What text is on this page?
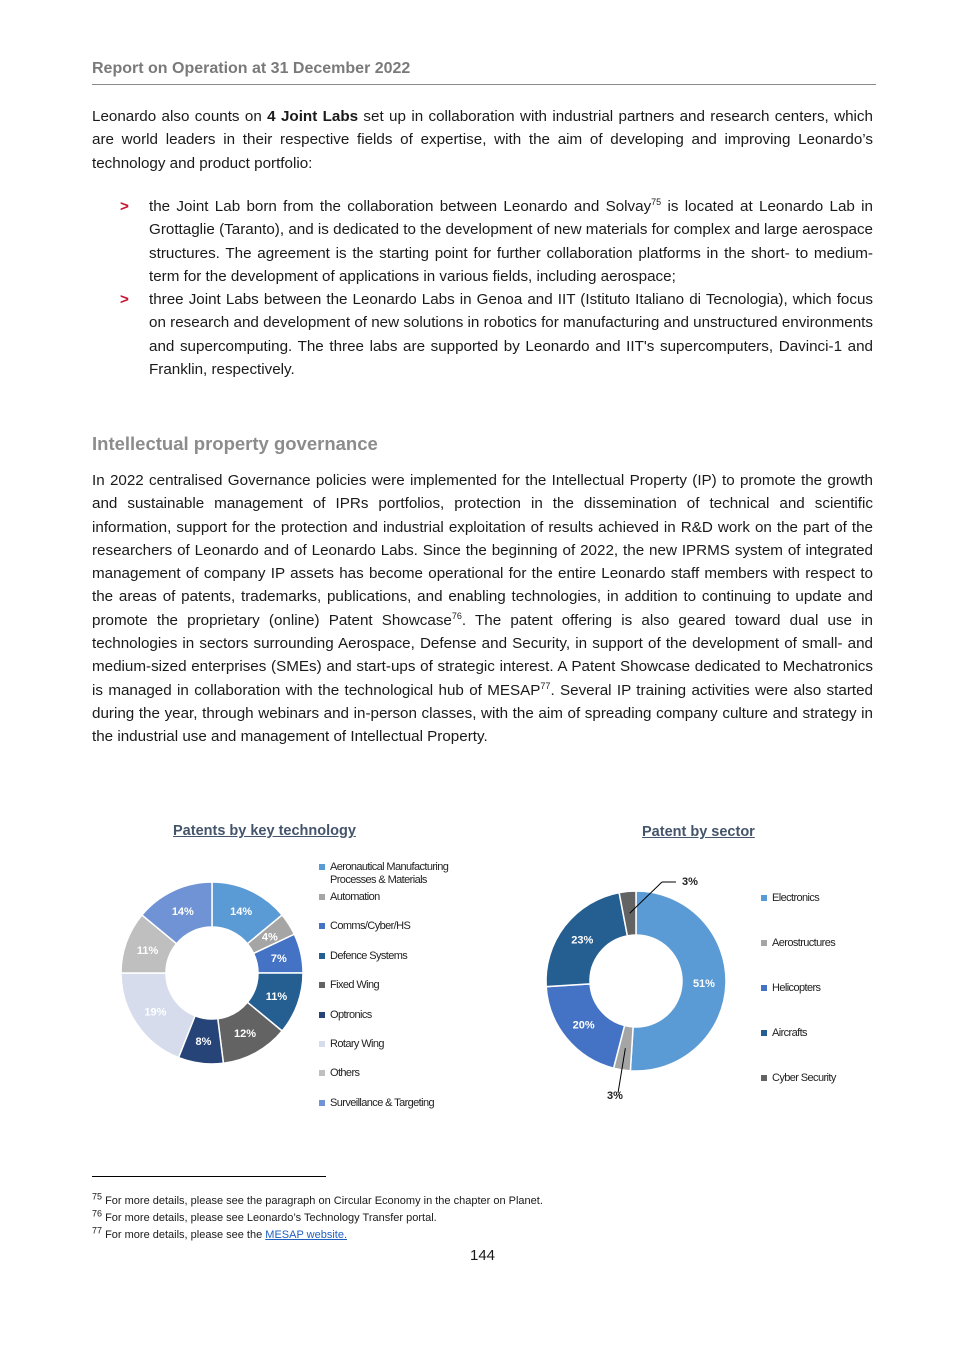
Report on Operation at 31 December 2022

Leonardo also counts on 4 Joint Labs set up in collaboration with industrial partners and research centers, which are world leaders in their respective fields of expertise, with the aim of developing and improving Leonardo’s technology and product portfolio:

> the Joint Lab born from the collaboration between Leonardo and Solvay$^{75}$ is located at Leonardo Lab in Grottaglie (Taranto), and is dedicated to the development of new materials for complex and large aerospace structures. The agreement is the starting point for further collaboration platforms in the short- to medium-term for the development of applications in various fields, including aerospace;
> three Joint Labs between the Leonardo Labs in Genoa and IIT (Istituto Italiano di Tecnologia), which focus on research and development of new solutions in robotics for manufacturing and unstructured environments and supercomputing. The three labs are supported by Leonardo and IIT's supercomputers, Davinci-1 and Franklin, respectively.
Intellectual property governance

In 2022 centralised Governance policies were implemented for the Intellectual Property (IP) to promote the growth and sustainable management of IPRs portfolios, protection in the dissemination of technical and scientific information, support for the protection and industrial exploitation of results achieved in R&D work on the part of the researchers of Leonardo and of Leonardo Labs. Since the beginning of 2022, the new IPRMS system of integrated management of company IP assets has become operational for the entire Leonardo staff members with respect to the areas of patents, trademarks, publications, and enabling technologies, in addition to continuing to update and promote the proprietary (online) Patent Showcase$^{76}$. The patent offering is also geared toward dual use in technologies in sectors surrounding Aerospace, Defense and Security, in support of the development of small- and medium-sized enterprises (SMEs) and start-ups of strategic interest. A Patent Showcase dedicated to Mechatronics is managed in collaboration with the technological hub of MESAP$^{77}$. Several IP training activities were also started during the year, through webinars and in-person classes, with the aim of spreading company culture and strategy in the industrial use and management of Intellectual Property.

Patents by key technology	Patent by sector
14%
4%
7%
11%
12%
8%
19%
11%
14%
Aeronautical Manufacturing Processes & Materials
Automation
Comms/Cyber/HS
Defence Systems
Fixed Wing
Optronics
Rotary Wing
Others
Surveillance & Targeting
51%
3%
20%
23%
3%
Electronics
Aerostructures
Helicopters
Aircrafts
Cyber Security
$^{75}$ For more details, please see the paragraph on Circular Economy in the chapter on Planet.
$^{76}$ For more details, please see Leonardo’s Technology Transfer portal.
$^{77}$ For more details, please see the MESAP website.
144
